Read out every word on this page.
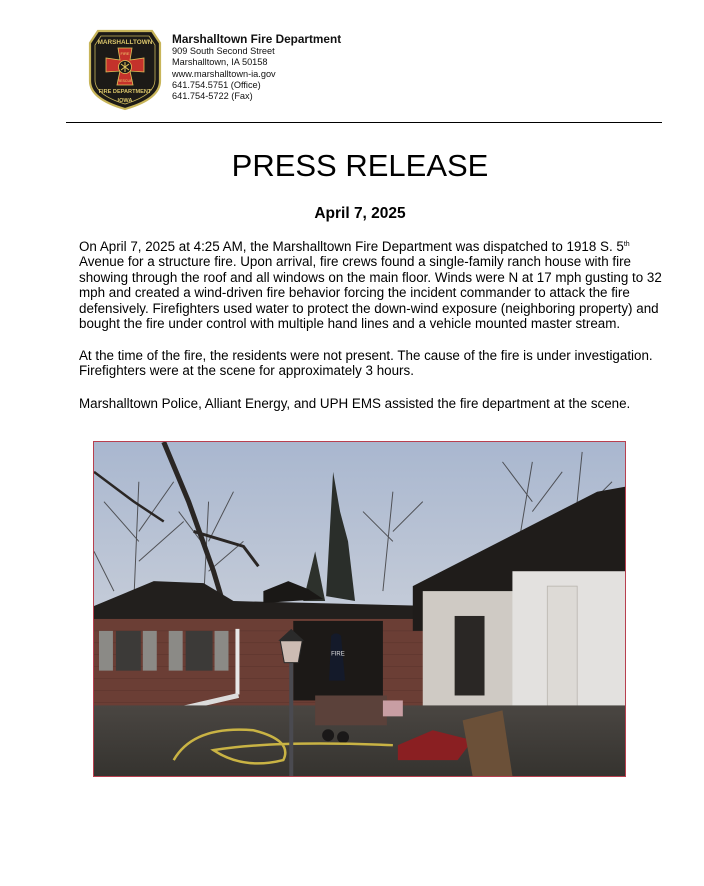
MARSHALLTOWN
FIRE
RESCUE
FIRE DEPARTMENT
IOWA
Marshalltown Fire Department
909 South Second Street
Marshalltown, IA 50158
www.marshalltown-ia.gov
641.754.5751 (Office)
641.754-5722 (Fax)
PRESS RELEASE
April 7, 2025

On April 7, 2025 at 4:25 AM, the Marshalltown Fire Department was dispatched to 1918 S. 5th
Avenue for a structure fire. Upon arrival, fire crews found a single-family ranch house with fire showing through the roof and all windows on the main floor. Winds were N at 17 mph gusting to 32 mph and created a wind-driven fire behavior forcing the incident commander to attack the fire defensively. Firefighters used water to protect the down-wind exposure (neighboring property) and bought the fire under control with multiple hand lines and a vehicle mounted master stream.

At the time of the fire, the residents were not present. The cause of the fire is under investigation. Firefighters were at the scene for approximately 3 hours.

Marshalltown Police, Alliant Energy, and UPH EMS assisted the fire department at the scene.

FIRE
